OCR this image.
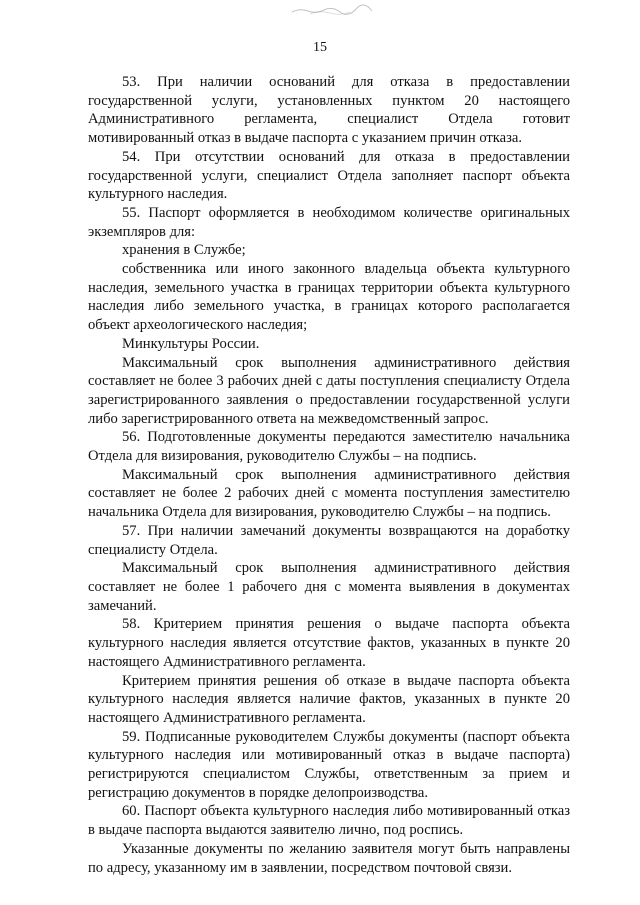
15

53. При наличии оснований для отказа в предоставлении государственной услуги, установленных пунктом 20 настоящего Административного регламента, специалист Отдела готовит мотивированный отказ в выдаче паспорта с указанием причин отказа.

54. При отсутствии оснований для отказа в предоставлении государственной услуги, специалист Отдела заполняет паспорт объекта культурного наследия.

55. Паспорт оформляется в необходимом количестве оригинальных экземпляров для:

хранения в Службе;

собственника или иного законного владельца объекта культурного наследия, земельного участка в границах территории объекта культурного наследия либо земельного участка, в границах которого располагается объект археологического наследия;

Минкультуры России.

Максимальный срок выполнения административного действия составляет не более 3 рабочих дней с даты поступления специалисту Отдела зарегистрированного заявления о предоставлении государственной услуги либо зарегистрированного ответа на межведомственный запрос.

56. Подготовленные документы передаются заместителю начальника Отдела для визирования, руководителю Службы – на подпись.

Максимальный срок выполнения административного действия составляет не более 2 рабочих дней с момента поступления заместителю начальника Отдела для визирования, руководителю Службы – на подпись.

57. При наличии замечаний документы возвращаются на доработку специалисту Отдела.

Максимальный срок выполнения административного действия составляет не более 1 рабочего дня с момента выявления в документах замечаний.

58. Критерием принятия решения о выдаче паспорта объекта культурного наследия является отсутствие фактов, указанных в пункте 20 настоящего Административного регламента.

Критерием принятия решения об отказе в выдаче паспорта объекта культурного наследия является наличие фактов, указанных в пункте 20 настоящего Административного регламента.

59. Подписанные руководителем Службы документы (паспорт объекта культурного наследия или мотивированный отказ в выдаче паспорта) регистрируются специалистом Службы, ответственным за прием и регистрацию документов в порядке делопроизводства.

60. Паспорт объекта культурного наследия либо мотивированный отказ в выдаче паспорта выдаются заявителю лично, под роспись.

Указанные документы по желанию заявителя могут быть направлены по адресу, указанному им в заявлении, посредством почтовой связи.
